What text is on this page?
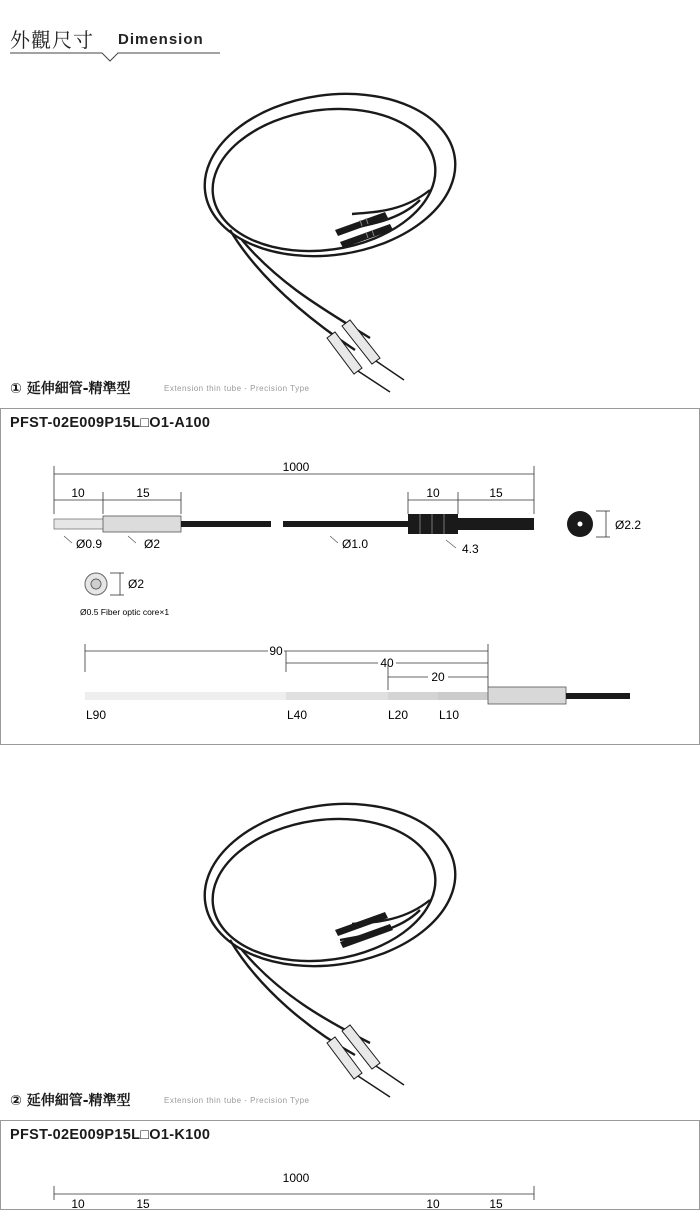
外觀尺寸 Dimension
① 延伸細管-精準型	Extension thin tube - Precision Type
PFST-02E009P15L□O1-A100
1000
10	15	10	15
Ø0.9	Ø2	Ø1.0	4.3
Ø2.2
Ø2
Ø0.5 Fiber optic core×1
90
40
20
L90	L40	L20	L10
② 延伸細管-精準型	Extension thin tube - Precision Type
PFST-02E009P15L□O1-K100
1000
10	15	10	15
